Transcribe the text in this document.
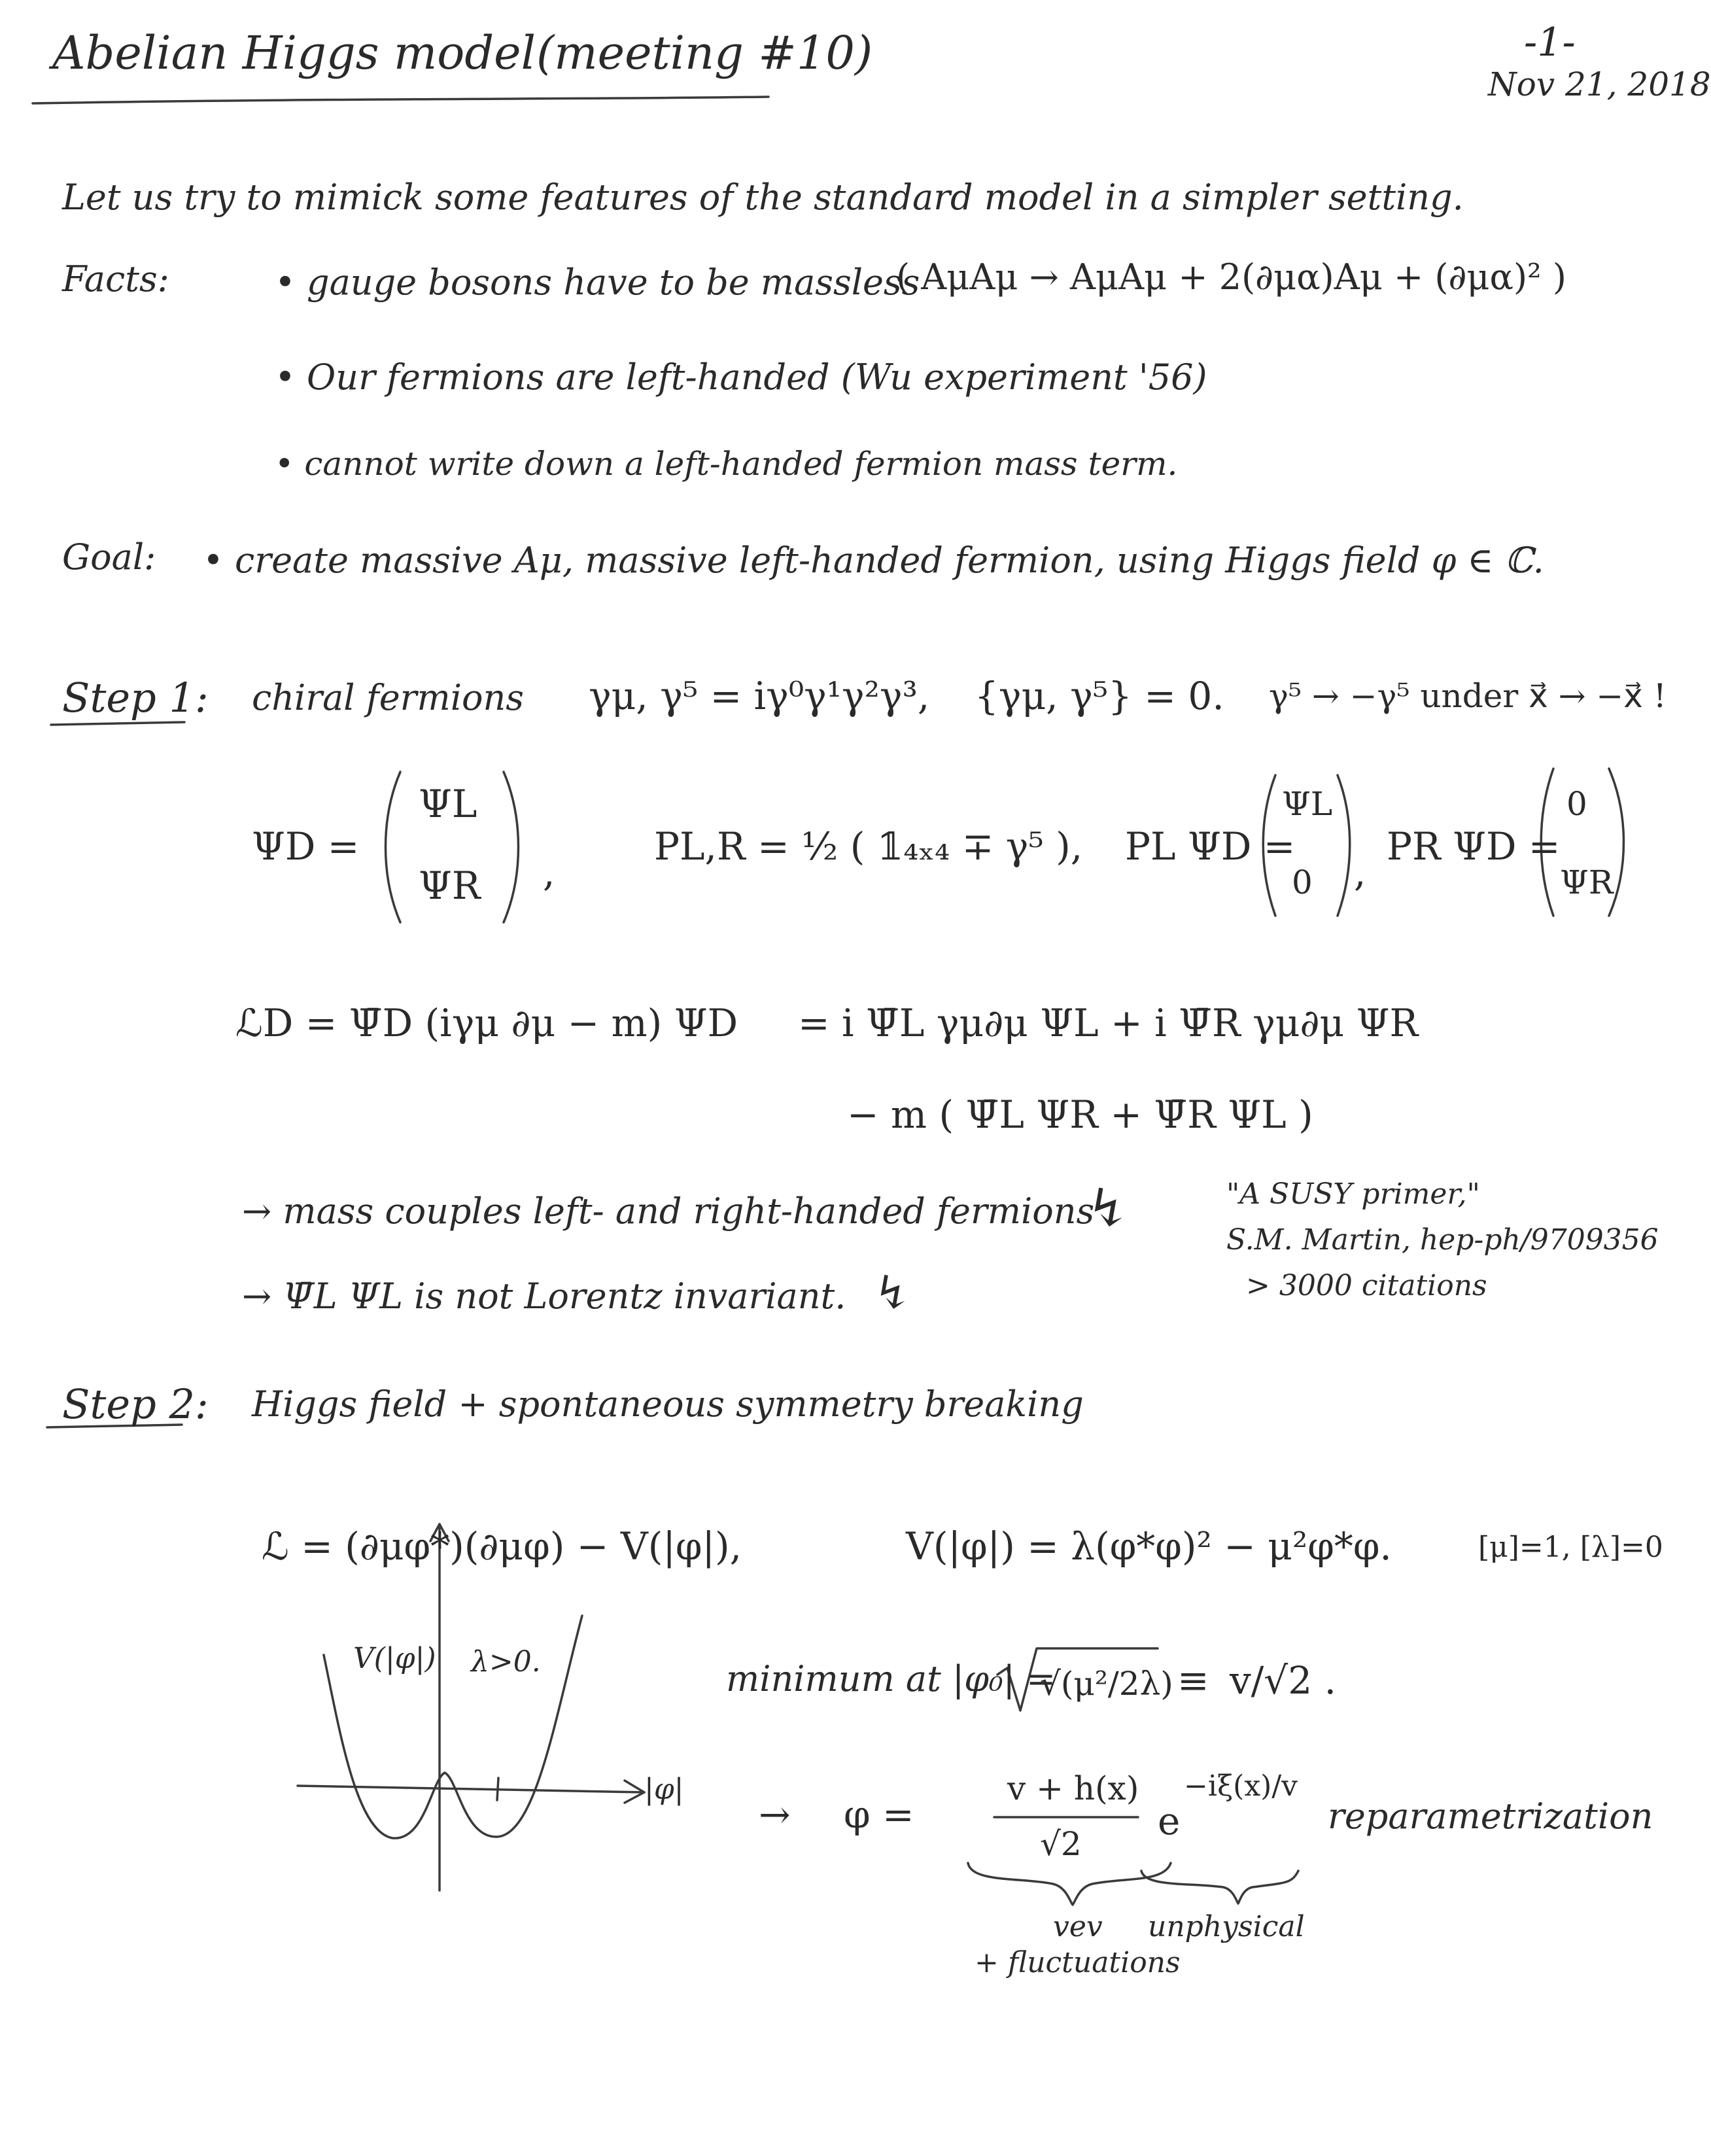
Abelian Higgs model (meeting #10)	-1-
Nov 21, 2018
Let us try to mimick some features of the standard model in a simpler setting.
Facts:	• gauge bosons have to be massless
( AμAμ → AμAμ + 2(∂μα)Aμ + (∂μα)² )
• Our fermions are left-handed (Wu experiment '56)
• cannot write down a left-handed fermion mass term.
Goal: • create massive Aμ, massive left-handed fermion, using Higgs field φ ∈ ℂ.
Step 1: chiral fermions γμ, γ⁵ = iγ⁰γ¹γ²γ³, {γμ, γ⁵} = 0. γ⁵ → −γ⁵ under x⃗ → −x⃗ !
ΨD =
ΨL
ΨR ,
PL,R = ½ ( 𝟙₄ₓ₄ ∓ γ⁵ ), PL ΨD =
ΨL
0 ,
PR ΨD =
0
ΨR
ℒD = Ψ̄D (iγμ ∂μ − m) ΨD = i Ψ̄L γμ∂μ ΨL + i Ψ̄R γμ∂μ ΨR
− m ( Ψ̄L ΨR + Ψ̄R ΨL )
→ mass couples left- and right-handed fermions
↯
→ Ψ̄L ΨL is not Lorentz invariant. ↯
"A SUSY primer,"
S.M. Martin, hep-ph/9709356
> 3000 citations
Step 2: Higgs field + spontaneous symmetry breaking
ℒ = (∂μφ*)(∂μφ) − V(|φ|),	V(|φ|) = λ(φ*φ)² − μ²φ*φ.	[μ]=1, [λ]=0
V(|φ|) λ>0.
|φ|
minimum at |φ₀| =
√(μ²/2λ) ≡ v/√2 .
→ φ =
v + h(x)
√2
e
−iξ(x)/v
reparametrization
vev
+ fluctuations
unphysical
